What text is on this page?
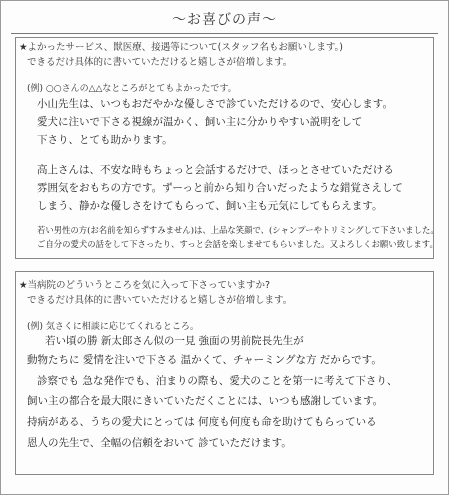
～お喜びの声～
★よかったサービス、獣医療、接遇等について(スタッフ名もお願いします。)
できるだけ具体的に書いていただけると嬉しさが倍増します。
(例) ○○さんの△△なところがとてもよかったです。
小山先生は、いつもおだやかな優しさで診ていただけるので、安心します。
愛犬に注いで下さる視線が温かく、飼い主に分かりやすい説明をして
下さり、とても助かります。
高上さんは、不安な時もちょっと会話するだけで、ほっとさせていただける
雰囲気をおもちの方です。ずーっと前から知り合いだったような錯覚さえして
しまう、静かな優しさをけてもらって、飼い主も元気にしてもらえます。
若い男性の方(お名前を知らずすみません)は、上品な笑顔で、(シャンプーやトリミングして下さいました。
ご自分の愛犬の話をして下さったり、すっと会話を楽しませてもらいました。又よろしくお願い致します。
★当病院のどういうところを気に入って下さっていますか?
できるだけ具体的に書いていただけると嬉しさが倍増します。
(例) 気さくに相談に応じてくれるところ。
若い頃の勝 新太郎さん似の一見 強面の男前院長先生が
動物たちに 愛情を注いで下さる 温かくて、チャーミングな方 だからです。
診察でも 急な発作でも、泊まりの際も、愛犬のことを第一に考えて下さり、
飼い主の都合を最大限にきいていただくことには、いつも感謝しています。
持病がある、うちの愛犬にとっては 何度も何度も命を助けてもらっている
恩人の先生で、全幅の信頼をおいて 診ていただけます。
